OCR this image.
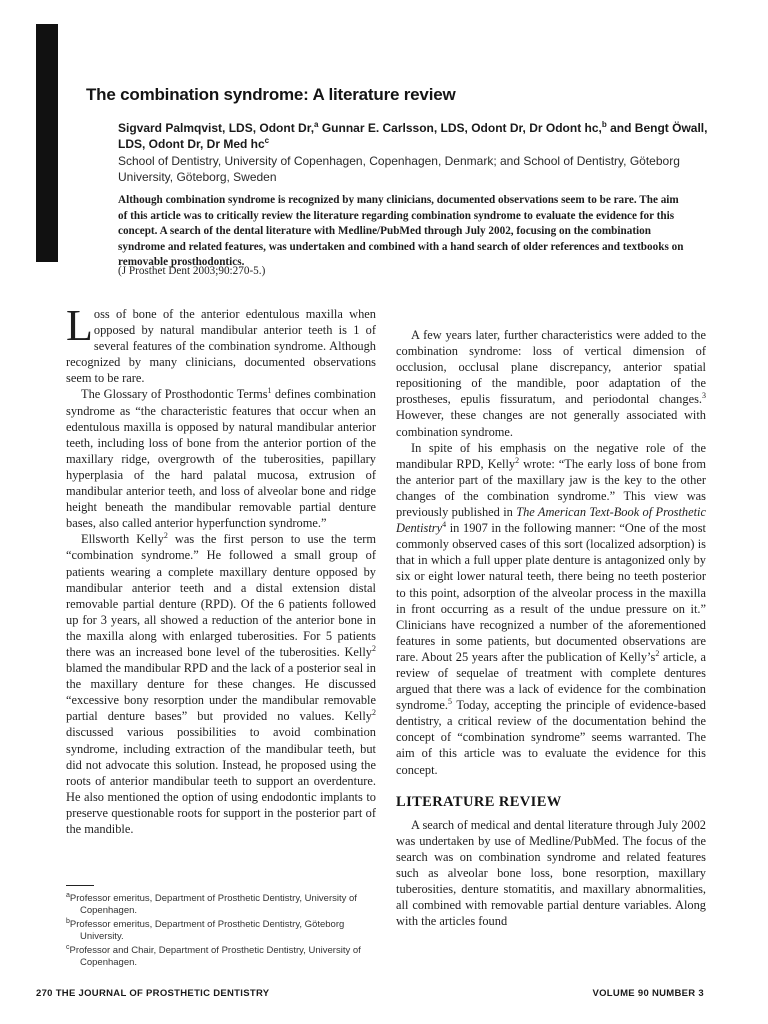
The combination syndrome: A literature review
Sigvard Palmqvist, LDS, Odont Dr,$^a$ Gunnar E. Carlsson, LDS, Odont Dr, Dr Odont hc,$^b$ and Bengt Öwall, LDS, Odont Dr, Dr Med $hc^c$
School of Dentistry, University of Copenhagen, Copenhagen, Denmark; and School of Dentistry, Göteborg University, Göteborg, Sweden
Although combination syndrome is recognized by many clinicians, documented observations seem to be rare. The aim of this article was to critically review the literature regarding combination syndrome to evaluate the evidence for this concept. A search of the dental literature with Medline/PubMed through July 2002, focusing on the combination syndrome and related features, was undertaken and combined with a hand search of older references and textbooks on removable prosthodontics.
(J Prosthet Dent 2003;90:270-5.)

Loss of bone of the anterior edentulous maxilla when opposed by natural mandibular anterior teeth is 1 of several features of the combination syndrome. Although recognized by many clinicians, documented observations seem to be rare.

The Glossary of Prosthodontic Terms$^1$ defines combination syndrome as “the characteristic features that occur when an edentulous maxilla is opposed by natural mandibular anterior teeth, including loss of bone from the anterior portion of the maxillary ridge, overgrowth of the tuberosities, papillary hyperplasia of the hard palatal mucosa, extrusion of mandibular anterior teeth, and loss of alveolar bone and ridge height beneath the mandibular removable partial denture bases, also called anterior hyperfunction syndrome.”

Ellsworth Kelly$^2$ was the first person to use the term “combination syndrome.” He followed a small group of patients wearing a complete maxillary denture opposed by mandibular anterior teeth and a distal extension distal removable partial denture (RPD). Of the 6 patients followed up for 3 years, all showed a reduction of the anterior bone in the maxilla along with enlarged tuberosities. For 5 patients there was an increased bone level of the tuberosities. Kelly$^2$ blamed the mandibular RPD and the lack of a posterior seal in the maxillary denture for these changes. He discussed “excessive bony resorption under the mandibular removable partial denture bases” but provided no values. Kelly$^2$ discussed various possibilities to avoid combination syndrome, including extraction of the mandibular teeth, but did not advocate this solution. Instead, he proposed using the roots of anterior mandibular teeth to support an overdenture. He also mentioned the option of using endodontic implants to preserve questionable roots for support in the posterior part of the mandible.

A few years later, further characteristics were added to the combination syndrome: loss of vertical dimension of occlusion, occlusal plane discrepancy, anterior spatial repositioning of the mandible, poor adaptation of the prostheses, epulis fissuratum, and periodontal changes.$^3$ However, these changes are not generally associated with combination syndrome.

In spite of his emphasis on the negative role of the mandibular RPD, Kelly$^2$ wrote: “The early loss of bone from the anterior part of the maxillary jaw is the key to the other changes of the combination syndrome.” This view was previously published in The American Text-Book of Prosthetic Dentistry$^4$ in 1907 in the following manner: “One of the most commonly observed cases of this sort (localized adsorption) is that in which a full upper plate denture is antagonized only by six or eight lower natural teeth, there being no teeth posterior to this point, adsorption of the alveolar process in the maxilla in front occurring as a result of the undue pressure on it.” Clinicians have recognized a number of the aforementioned features in some patients, but documented observations are rare. About 25 years after the publication of $Kelly’s^2$ article, a review of sequelae of treatment with complete dentures argued that there was a lack of evidence for the combination syndrome.$^5$ Today, accepting the principle of evidence-based dentistry, a critical review of the documentation behind the concept of “combination syndrome” seems warranted. The aim of this article was to evaluate the evidence for this concept.

LITERATURE REVIEW

A search of medical and dental literature through July 2002 was undertaken by use of Medline/PubMed. The focus of the search was on combination syndrome and related features such as alveolar bone loss, bone resorption, maxillary tuberosities, denture stomatitis, and maxillary abnormalities, all combined with removable partial denture variables. Along with the articles found

$^a$Professor emeritus, Department of Prosthetic Dentistry, University of Copenhagen.
$^b$Professor emeritus, Department of Prosthetic Dentistry, Göteborg University.
$^c$Professor and Chair, Department of Prosthetic Dentistry, University of Copenhagen.
270 THE JOURNAL OF PROSTHETIC DENTISTRY	VOLUME 90 NUMBER 3
